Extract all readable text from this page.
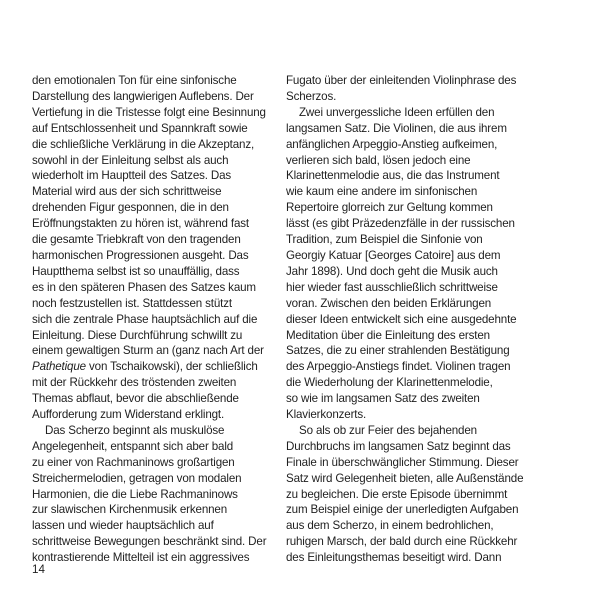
den emotionalen Ton für eine sinfonische
Darstellung des langwierigen Auflebens. Der
Vertiefung in die Tristesse folgt eine Besinnung
auf Entschlossenheit und Spannkraft sowie
die schließliche Verklärung in die Akzeptanz,
sowohl in der Einleitung selbst als auch
wiederholt im Hauptteil des Satzes. Das
Material wird aus der sich schrittweise
drehenden Figur gesponnen, die in den
Eröffnungstakten zu hören ist, während fast
die gesamte Triebkraft von den tragenden
harmonischen Progressionen ausgeht. Das
Hauptthema selbst ist so unauffällig, dass
es in den späteren Phasen des Satzes kaum
noch festzustellen ist. Stattdessen stützt
sich die zentrale Phase hauptsächlich auf die
Einleitung. Diese Durchführung schwillt zu
einem gewaltigen Sturm an (ganz nach Art der
Pathetique von Tschaikowski), der schließlich
mit der Rückkehr des tröstenden zweiten
Themas abflaut, bevor die abschließende
Aufforderung zum Widerstand erklingt.
Das Scherzo beginnt als muskulöse
Angelegenheit, entspannt sich aber bald
zu einer von Rachmaninows großartigen
Streichermelodien, getragen von modalen
Harmonien, die die Liebe Rachmaninows
zur slawischen Kirchenmusik erkennen
lassen und wieder hauptsächlich auf
schrittweise Bewegungen beschränkt sind. Der
kontrastierende Mittelteil ist ein aggressives
Fugato über der einleitenden Violinphrase des
Scherzos.
Zwei unvergessliche Ideen erfüllen den
langsamen Satz. Die Violinen, die aus ihrem
anfänglichen Arpeggio-Anstieg aufkeimen,
verlieren sich bald, lösen jedoch eine
Klarinettenmelodie aus, die das Instrument
wie kaum eine andere im sinfonischen
Repertoire glorreich zur Geltung kommen
lässt (es gibt Präzedenzfälle in der russischen
Tradition, zum Beispiel die Sinfonie von
Georgiy Katuar [Georges Catoire] aus dem
Jahr 1898). Und doch geht die Musik auch
hier wieder fast ausschließlich schrittweise
voran. Zwischen den beiden Erklärungen
dieser Ideen entwickelt sich eine ausgedehnte
Meditation über die Einleitung des ersten
Satzes, die zu einer strahlenden Bestätigung
des Arpeggio-Anstiegs findet. Violinen tragen
die Wiederholung der Klarinettenmelodie,
so wie im langsamen Satz des zweiten
Klavierkonzerts.
So als ob zur Feier des bejahenden
Durchbruchs im langsamen Satz beginnt das
Finale in überschwänglicher Stimmung. Dieser
Satz wird Gelegenheit bieten, alle Außenstände
zu begleichen. Die erste Episode übernimmt
zum Beispiel einige der unerledigten Aufgaben
aus dem Scherzo, in einem bedrohlichen,
ruhigen Marsch, der bald durch eine Rückkehr
des Einleitungsthemas beseitigt wird. Dann
14
